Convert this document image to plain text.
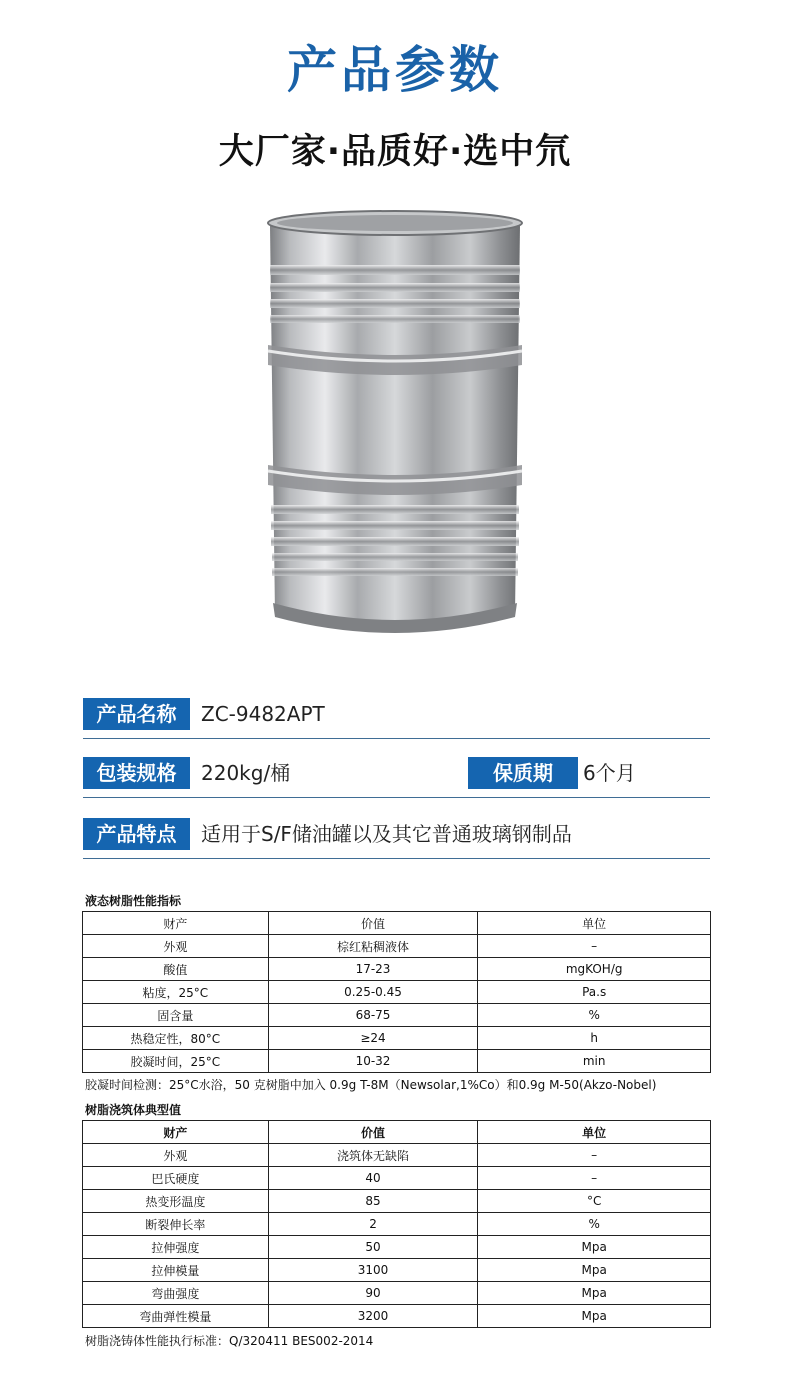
产品参数
大厂家·品质好·选中氘
产品名称	ZC-9482APT
包装规格	220kg/桶	保质期	6个月
产品特点	适用于S/F储油罐以及其它普通玻璃钢制品
液态树脂性能指标
财产	价值	单位
外观	棕红粘稠液体	–
酸值	17-23	mgKOH/g
粘度，25°C	0.25-0.45	Pa.s
固含量	68-75	%
热稳定性，80°C	≥24	h
胶凝时间，25°C	10-32	min
胶凝时间检测：25°C水浴，50 克树脂中加入 0.9g T-8M（Newsolar,1%Co）和0.9g M-50(Akzo-Nobel)
树脂浇筑体典型值
财产	价值	单位
外观	浇筑体无缺陷	–
巴氏硬度	40	–
热变形温度	85	°C
断裂伸长率	2	%
拉伸强度	50	Mpa
拉伸模量	3100	Mpa
弯曲强度	90	Mpa
弯曲弹性模量	3200	Mpa
树脂浇铸体性能执行标准：Q/320411 BES002-2014
